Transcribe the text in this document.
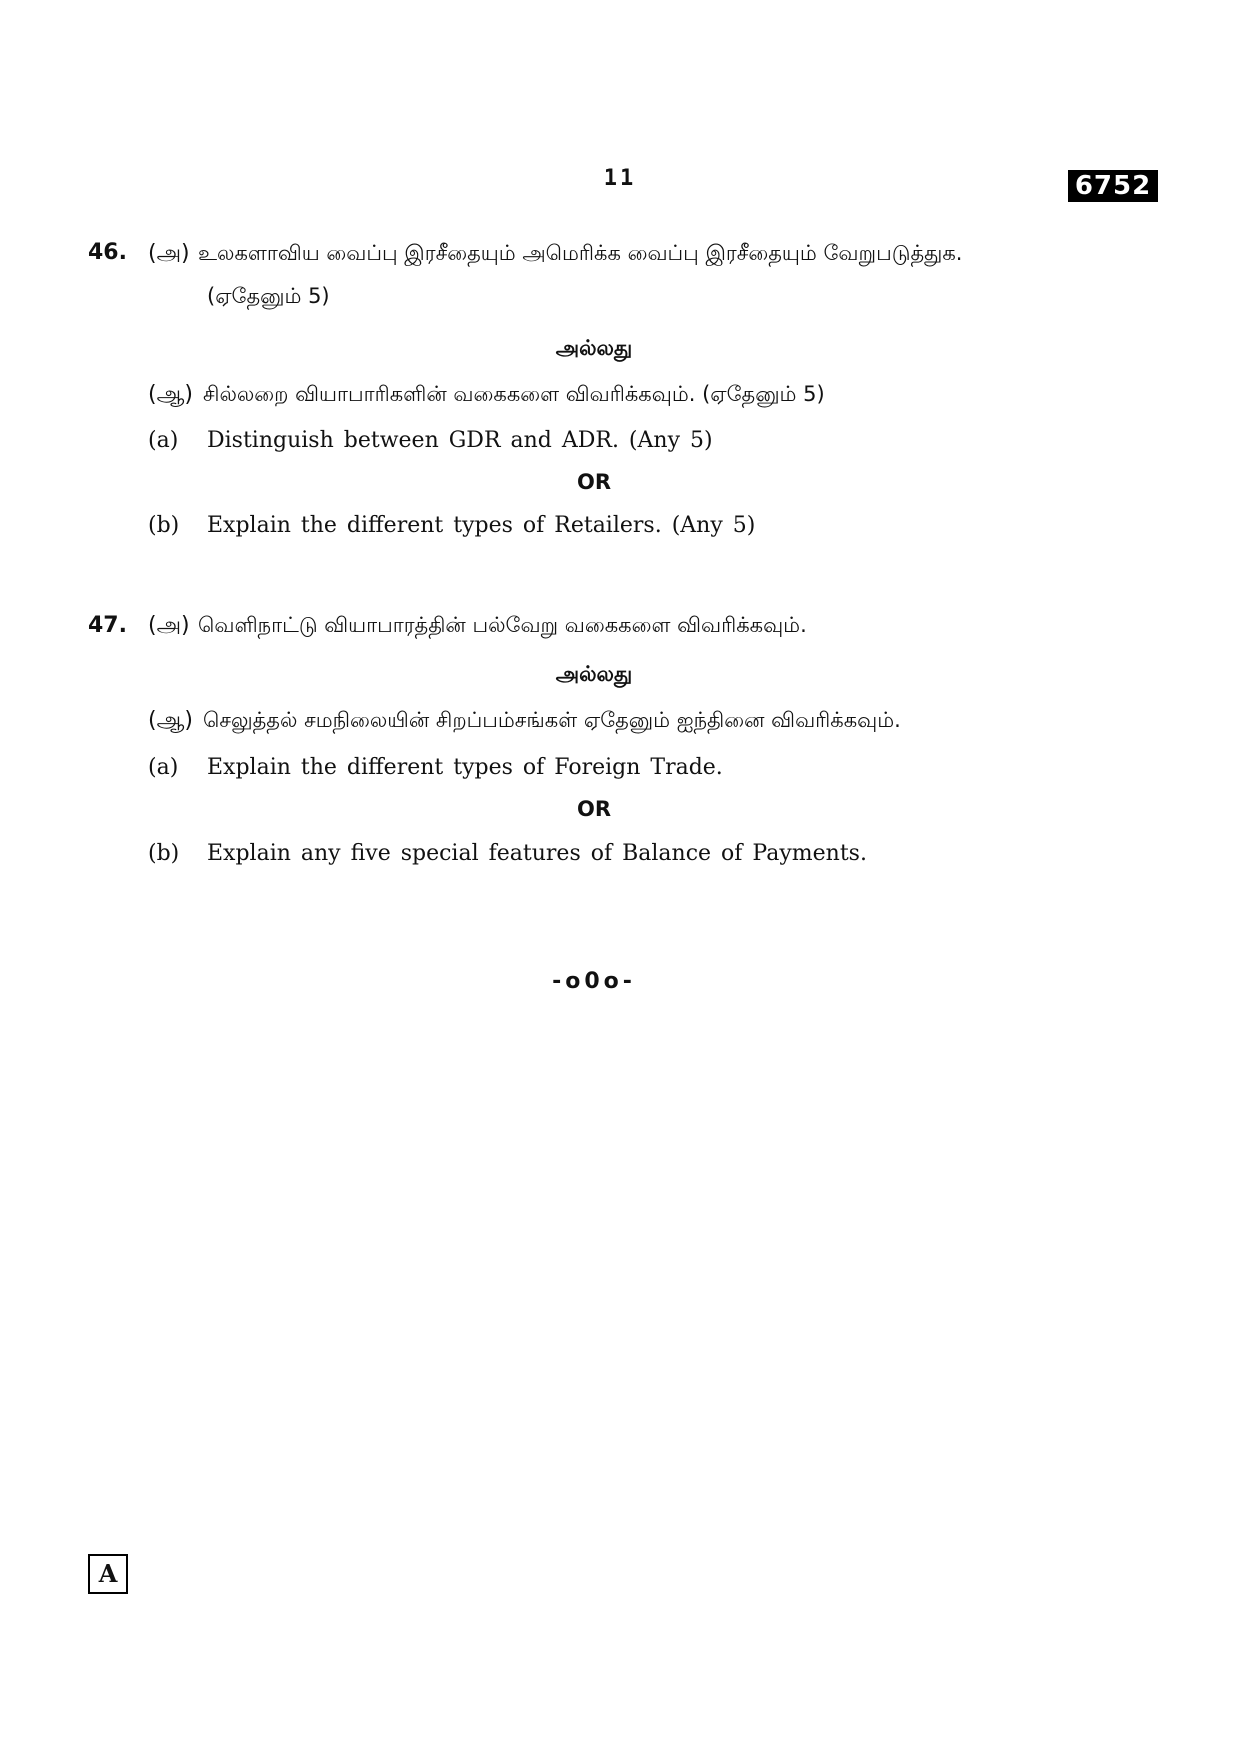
11	6752
46. (அ) உலகளாவிய வைப்பு இரசீதையும் அமெரிக்க வைப்பு இரசீதையும் வேறுபடுத்துக.
(ஏதேனும் 5)
அல்லது
(ஆ) சில்லறை வியாபாரிகளின் வகைகளை விவரிக்கவும். (ஏதேனும் 5)
(a) Distinguish between GDR and ADR. (Any 5)
OR
(b) Explain the different types of Retailers. (Any 5)
47. (அ) வெளிநாட்டு வியாபாரத்தின் பல்வேறு வகைகளை விவரிக்கவும்.
அல்லது
(ஆ) செலுத்தல் சமநிலையின் சிறப்பம்சங்கள் ஏதேனும் ஐந்தினை விவரிக்கவும்.
(a) Explain the different types of Foreign Trade.
OR
(b) Explain any five special features of Balance of Payments.
-o0o-
A
